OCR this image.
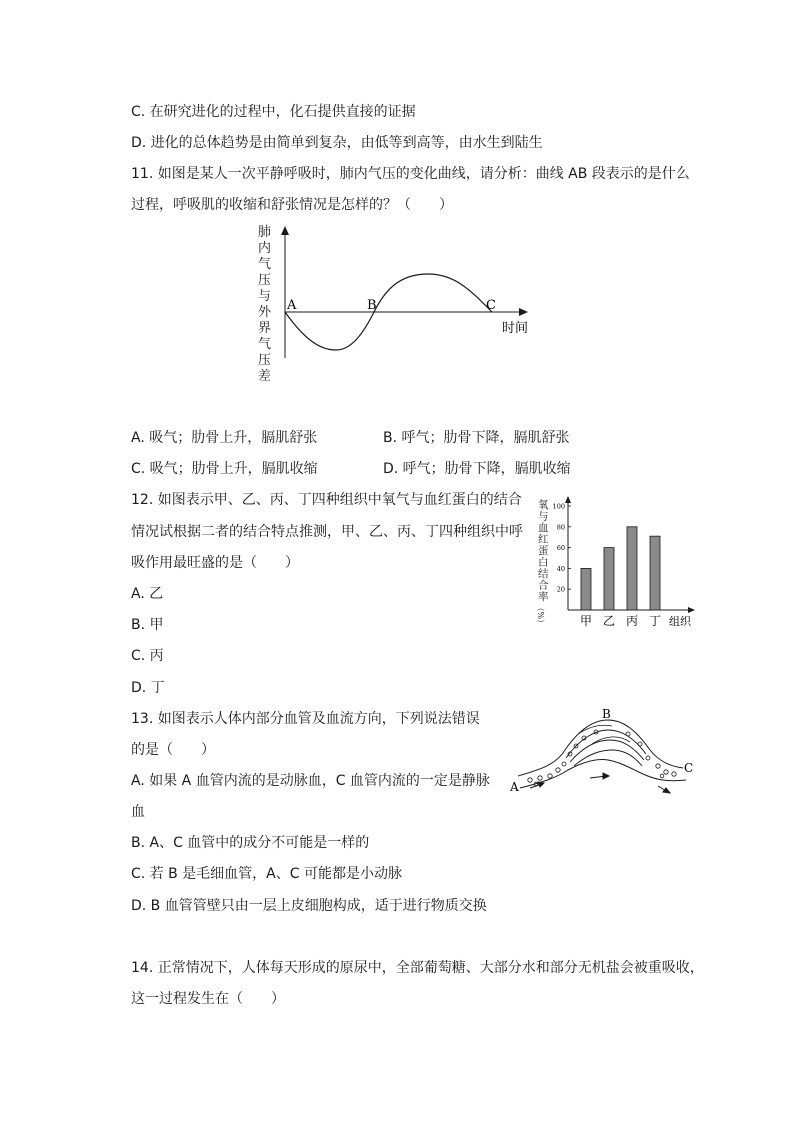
C. 在研究进化的过程中，化石提供直接的证据
D. 进化的总体趋势是由简单到复杂，由低等到高等，由水生到陆生
11. 如图是某人一次平静呼吸时，肺内气压的变化曲线，请分析：曲线 AB 段表示的是什么
过程，呼吸肌的收缩和舒张情况是怎样的？（　　）
肺
内
气
压
与
外
界
气
压
差
A	B	C
时间
A. 吸气；肋骨上升，膈肌舒张	B. 呼气；肋骨下降，膈肌舒张
C. 吸气；肋骨上升，膈肌收缩	D. 呼气；肋骨下降，膈肌收缩
12. 如图表示甲、乙、丙、丁四种组织中氧气与血红蛋白的结合
情况试根据二者的结合特点推测，甲、乙、丙、丁四种组织中呼
吸作用最旺盛的是（　　）
A. 乙
B. 甲
C. 丙
D. 丁
氧
与
血
红
蛋
白
结
合
率
（%）
20
40
60
80
100
甲 乙 丙 丁 组织
13. 如图表示人体内部分血管及血流方向，下列说法错误
的是（　　）
A. 如果 A 血管内流的是动脉血，C 血管内流的一定是静脉
血
B. A、C 血管中的成分不可能是一样的
C. 若 B 是毛细血管，A、C 可能都是小动脉
D. B 血管管壁只由一层上皮细胞构成，适于进行物质交换
B
A
C
14. 正常情况下，人体每天形成的原尿中，全部葡萄糖、大部分水和部分无机盐会被重吸收，
这一过程发生在（　　）
